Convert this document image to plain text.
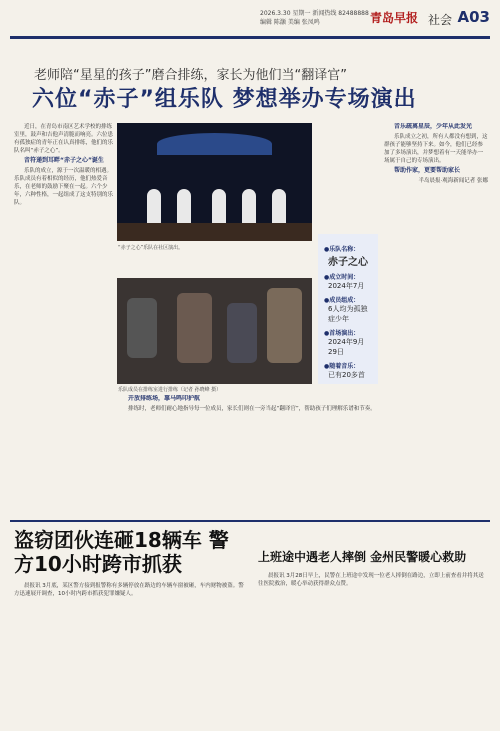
2026.3.30 星期一 新闻热线 82488888
编辑 陈灏 美编 张凤鸣	青岛早报 社会 A03
老师陪“星星的孩子”磨合排练，家长为他们当“翻译官”
六位“赤子”组乐队 梦想举办专场演出

近日，在青岛市南区艺术学校的排练室里，鼓声和吉他声清脆而响亮。六位患有孤独症的青年正在认真排练，他们的乐队名叫“赤子之心”。

音符递到耳畔“赤子之心”诞生

乐队的成立，源于一次温暖的相遇。乐队成员有着相似的经历，他们热爱音乐，在老师的鼓励下聚在一起。六个少年，六种性格，一起组成了这支特别的乐队。

“赤子之心”乐队在社区演出。
乐队成员在排练室进行排练（记者 孙晓峰 摄）
●乐队名称：
赤子之心
●成立时间：
2024年7月
●成员组成：
6人均为孤独症少年
●首场演出：
2024年9月29日
●随着音乐：
已有20多首

开放排练场，靠马鸣印护航

排练时，老师们耐心地指导每一位成员，家长们则在一旁当起“翻译官”，帮助孩子们理解乐谱和节奏。

音乐疏离星辰，少年从此发光

乐队成立之初，所有人都没有想到，这群孩子能够坚持下来。如今，他们已经参加了多场演出，并梦想着有一天能举办一场属于自己的专场演出。

帮助作家，更要帮助家长

半岛晨报·观海新闻记者 张娜

盗窃团伙连砸18辆车 警方10小时跨市抓获

晨报讯 3月底，某区警方接到报警称有多辆停放在路边的车辆车窗被砸，车内财物被盗。警方迅速展开调查，10小时内跨市抓获犯罪嫌疑人。

上班途中遇老人摔倒 金州民警暖心救助

晨报讯 3月28日早上，民警在上班途中发现一位老人摔倒在路边，立即上前查看并将其送往医院救治，暖心举动获得群众点赞。
